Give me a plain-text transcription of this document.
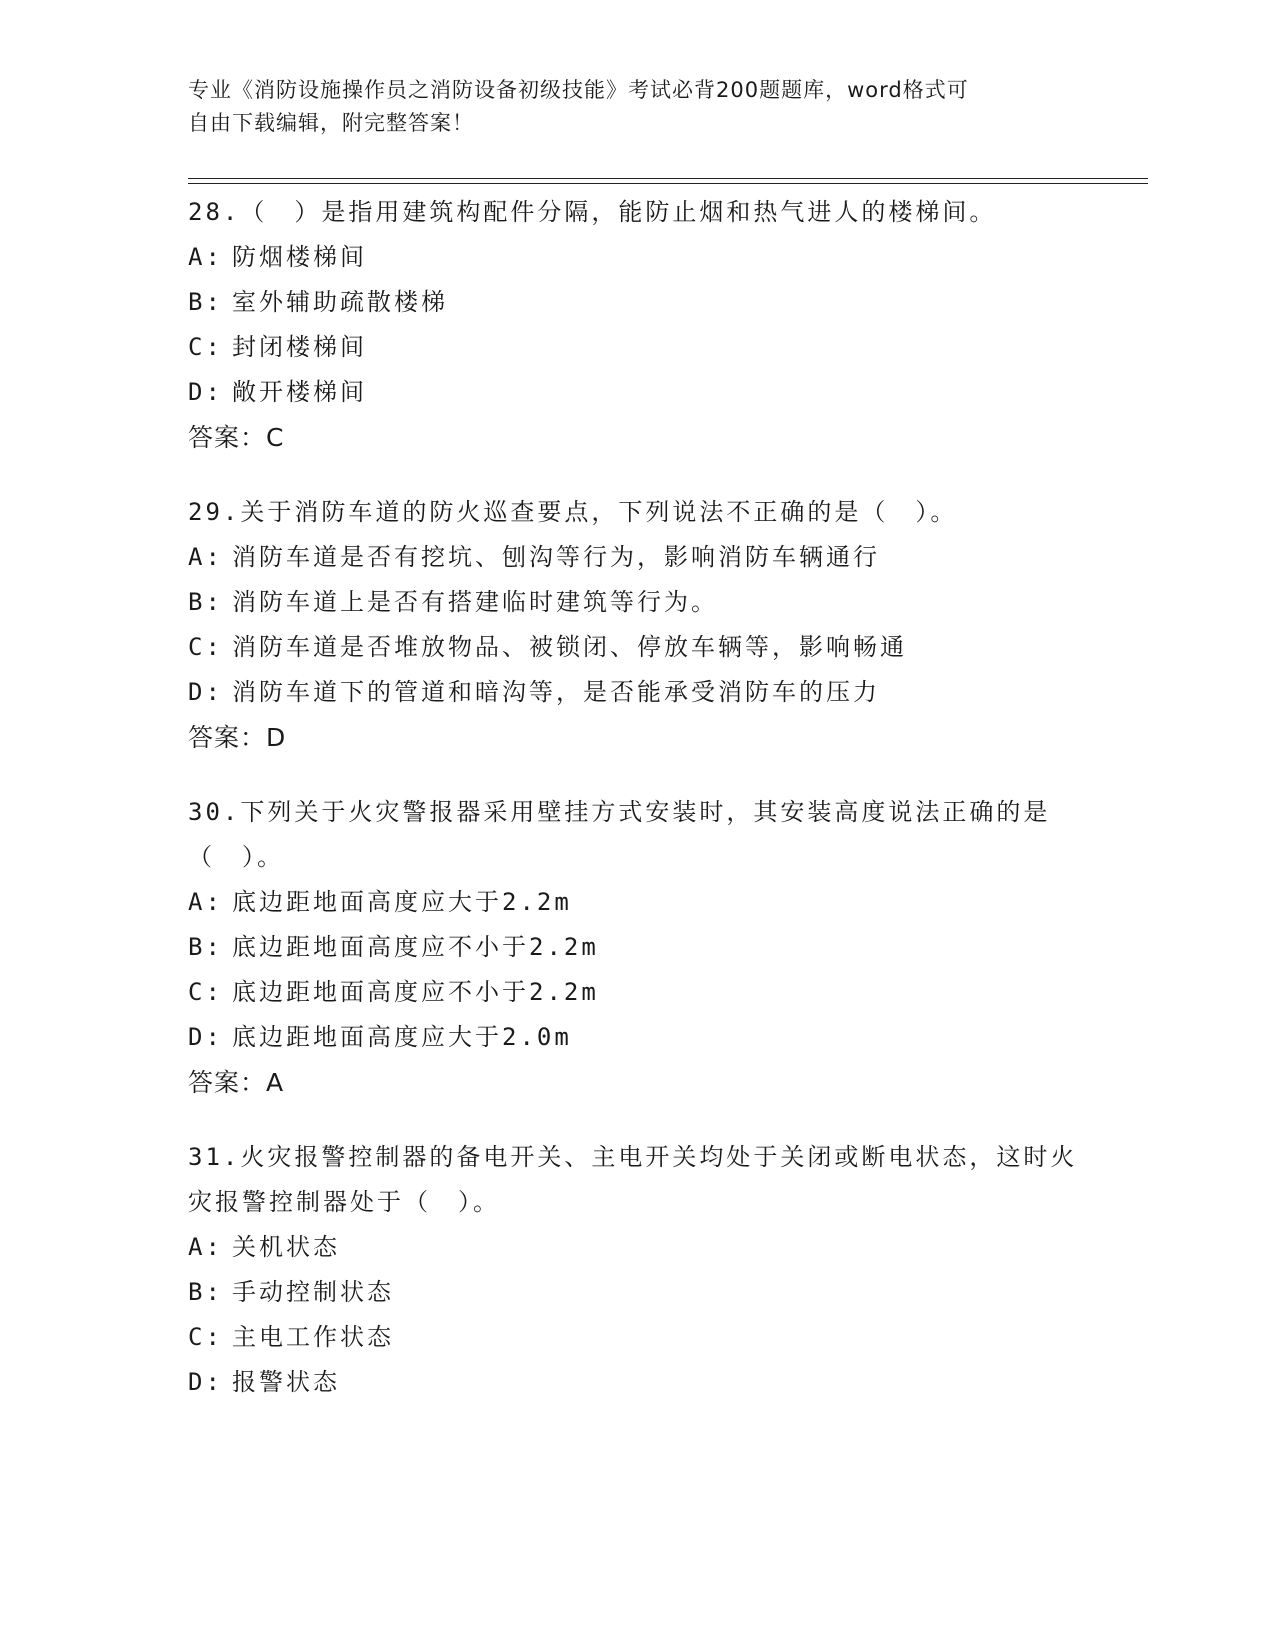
专业《消防设施操作员之消防设备初级技能》考试必背200题题库，word格式可
自由下载编辑，附完整答案！

28.（　）是指用建筑构配件分隔，能防止烟和热气进人的楼梯间。

A: 防烟楼梯间
B: 室外辅助疏散楼梯
C: 封闭楼梯间
D: 敞开楼梯间

答案：C

29.关于消防车道的防火巡查要点，下列说法不正确的是（　）。

A: 消防车道是否有挖坑、刨沟等行为，影响消防车辆通行
B: 消防车道上是否有搭建临时建筑等行为。
C: 消防车道是否堆放物品、被锁闭、停放车辆等，影响畅通
D: 消防车道下的管道和暗沟等，是否能承受消防车的压力

答案：D

30.下列关于火灾警报器采用壁挂方式安装时，其安装高度说法正确的是（　）。

A: 底边距地面高度应大于2.2m
B: 底边距地面高度应不小于2.2m
C: 底边距地面高度应不小于2.2m
D: 底边距地面高度应大于2.0m

答案：A

31.火灾报警控制器的备电开关、主电开关均处于关闭或断电状态，这时火灾报警控制器处于（　）。

A: 关机状态
B: 手动控制状态
C: 主电工作状态
D: 报警状态
